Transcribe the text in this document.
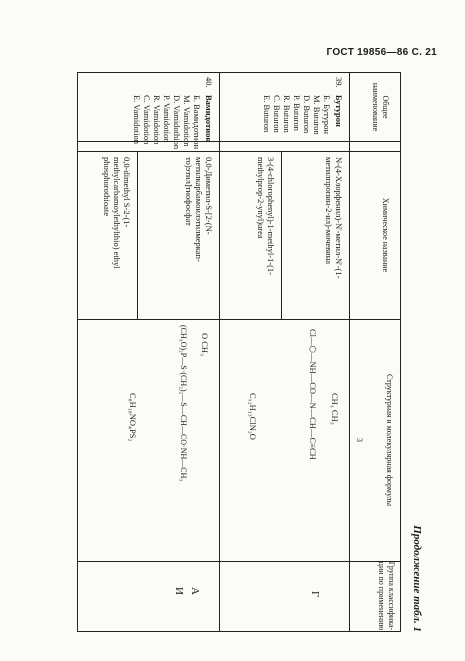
ГОСТ 19856—86 С. 21
Продолжение табл. 1
Общее наименование
Химическое название
Структурная и молекулярная формулы
3
Группа классифика- ции по применению
39.
Бутурон
Б. Бутурон
М. Buturon
D. Buturon
P. Buturon
R. Buturon
C. Buturon
E. Buturon
N-(4-Хлорфенил)-N'-метил-N'-(1-метилпропин-2-ил)-мочевина
3-(4-chlorophenyl)-1-methyl-1-(1-methylprop-2-ynyl)urea
CH₃ CH₃
Cl—⬡—NH—CO—N—CH—C≡CH
C₁₂H₁₃ClN₂O
Г
40.
Вамидотион
Б. Вамидотион
М. Vamidotion
D. Vamidothion
P. Vamidotion
R. Vamidotion
C. Vamidotion
E. Vamidotion
0,0-Диметил-S-[2-(N-метилкарбамоилэтилмеркап-то)этил]тиофосфат
0,0-dimethyl S-2-(1-methylcarbamoylethylthio) ethyl phosphorothioate
O CH₃
(CH₃O)₂P—S·(CH₂)₂—S—CH—CO·NH—CH₃
C₈H₁₈NO₄PS₂
А
И
